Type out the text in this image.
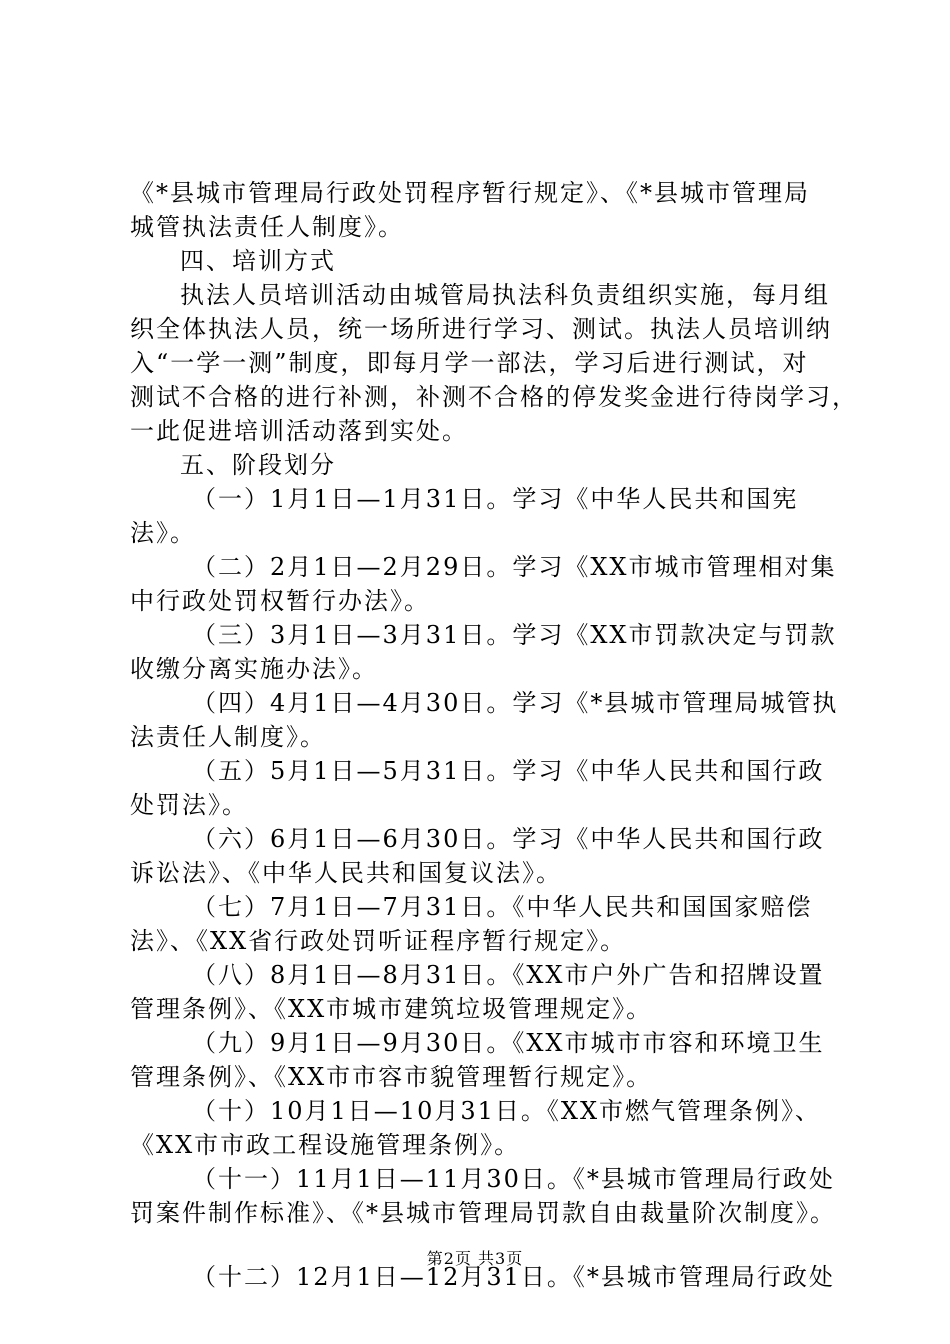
《*县城市管理局行政处罚程序暂行规定》、《*县城市管理局
城管执法责任人制度》。
四、培训方式
执法人员培训活动由城管局执法科负责组织实施，每月组
织全体执法人员，统一场所进行学习、测试。执法人员培训纳
入“一学一测”制度，即每月学一部法，学习后进行测试，对
测试不合格的进行补测，补测不合格的停发奖金进行待岗学习，
一此促进培训活动落到实处。
五、阶段划分
（一）1月1日—1月31日。学习《中华人民共和国宪
法》。
（二）2月1日—2月29日。学习《XX市城市管理相对集
中行政处罚权暂行办法》。
（三）3月1日—3月31日。学习《XX市罚款决定与罚款
收缴分离实施办法》。
（四）4月1日—4月30日。学习《*县城市管理局城管执
法责任人制度》。
（五）5月1日—5月31日。学习《中华人民共和国行政
处罚法》。
（六）6月1日—6月30日。学习《中华人民共和国行政
诉讼法》、《中华人民共和国复议法》。
（七）7月1日—7月31日。《中华人民共和国国家赔偿
法》、《XX省行政处罚听证程序暂行规定》。
（八）8月1日—8月31日。《XX市户外广告和招牌设置
管理条例》、《XX市城市建筑垃圾管理规定》。
（九）9月1日—9月30日。《XX市城市市容和环境卫生
管理条例》、《XX市市容市貌管理暂行规定》。
（十）10月1日—10月31日。《XX市燃气管理条例》、
《XX市市政工程设施管理条例》。
（十一）11月1日—11月30日。《*县城市管理局行政处
罚案件制作标准》、《*县城市管理局罚款自由裁量阶次制度》。
（十二）12月1日—12月31日。《*县城市管理局行政处
第2页 共3页
